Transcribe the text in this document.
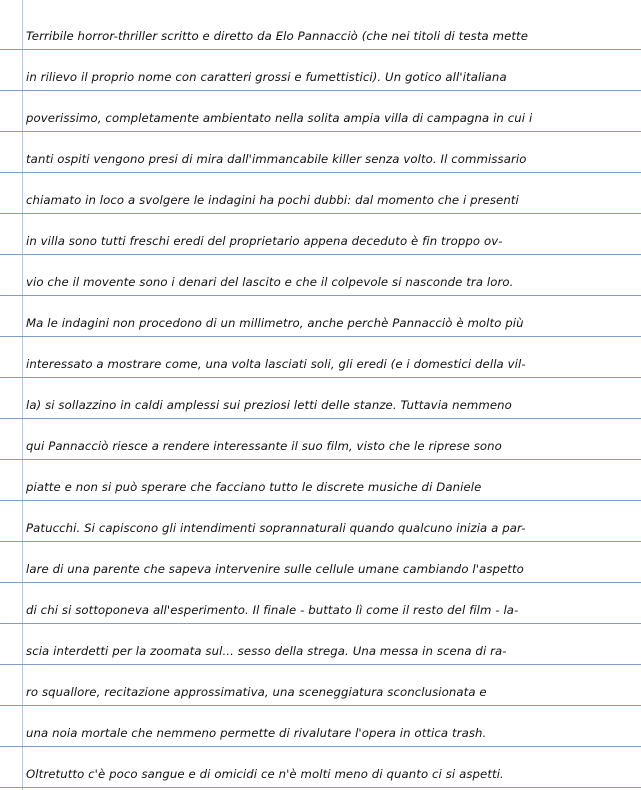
Terribile horror-thriller scritto e diretto da Elo Pannacciò (che nei titoli di testa mette
in rilievo il proprio nome con caratteri grossi e fumettistici). Un gotico all'italiana
poverissimo, completamente ambientato nella solita ampia villa di campagna in cui i
tanti ospiti vengono presi di mira dall'immancabile killer senza volto. Il commissario
chiamato in loco a svolgere le indagini ha pochi dubbi: dal momento che i presenti
in villa sono tutti freschi eredi del proprietario appena deceduto è fin troppo ov-
vio che il movente sono i denari del lascito e che il colpevole si nasconde tra loro.
Ma le indagini non procedono di un millimetro, anche perchè Pannacciò è molto più
interessato a mostrare come, una volta lasciati soli, gli eredi (e i domestici della vil-
la) si sollazzino in caldi amplessi sui preziosi letti delle stanze. Tuttavia nemmeno
qui Pannacciò riesce a rendere interessante il suo film, visto che le riprese sono
piatte e non si può sperare che facciano tutto le discrete musiche di Daniele
Patucchi. Si capiscono gli intendimenti soprannaturali quando qualcuno inizia a par-
lare di una parente che sapeva intervenire sulle cellule umane cambiando l'aspetto
di chi si sottoponeva all'esperimento. Il finale - buttato lì come il resto del film - la-
scia interdetti per la zoomata sul... sesso della strega. Una messa in scena di ra-
ro squallore, recitazione approssimativa, una sceneggiatura sconclusionata e
una noia mortale che nemmeno permette di rivalutare l'opera in ottica trash.
Oltretutto c'è poco sangue e di omicidi ce n'è molti meno di quanto ci si aspetti.
